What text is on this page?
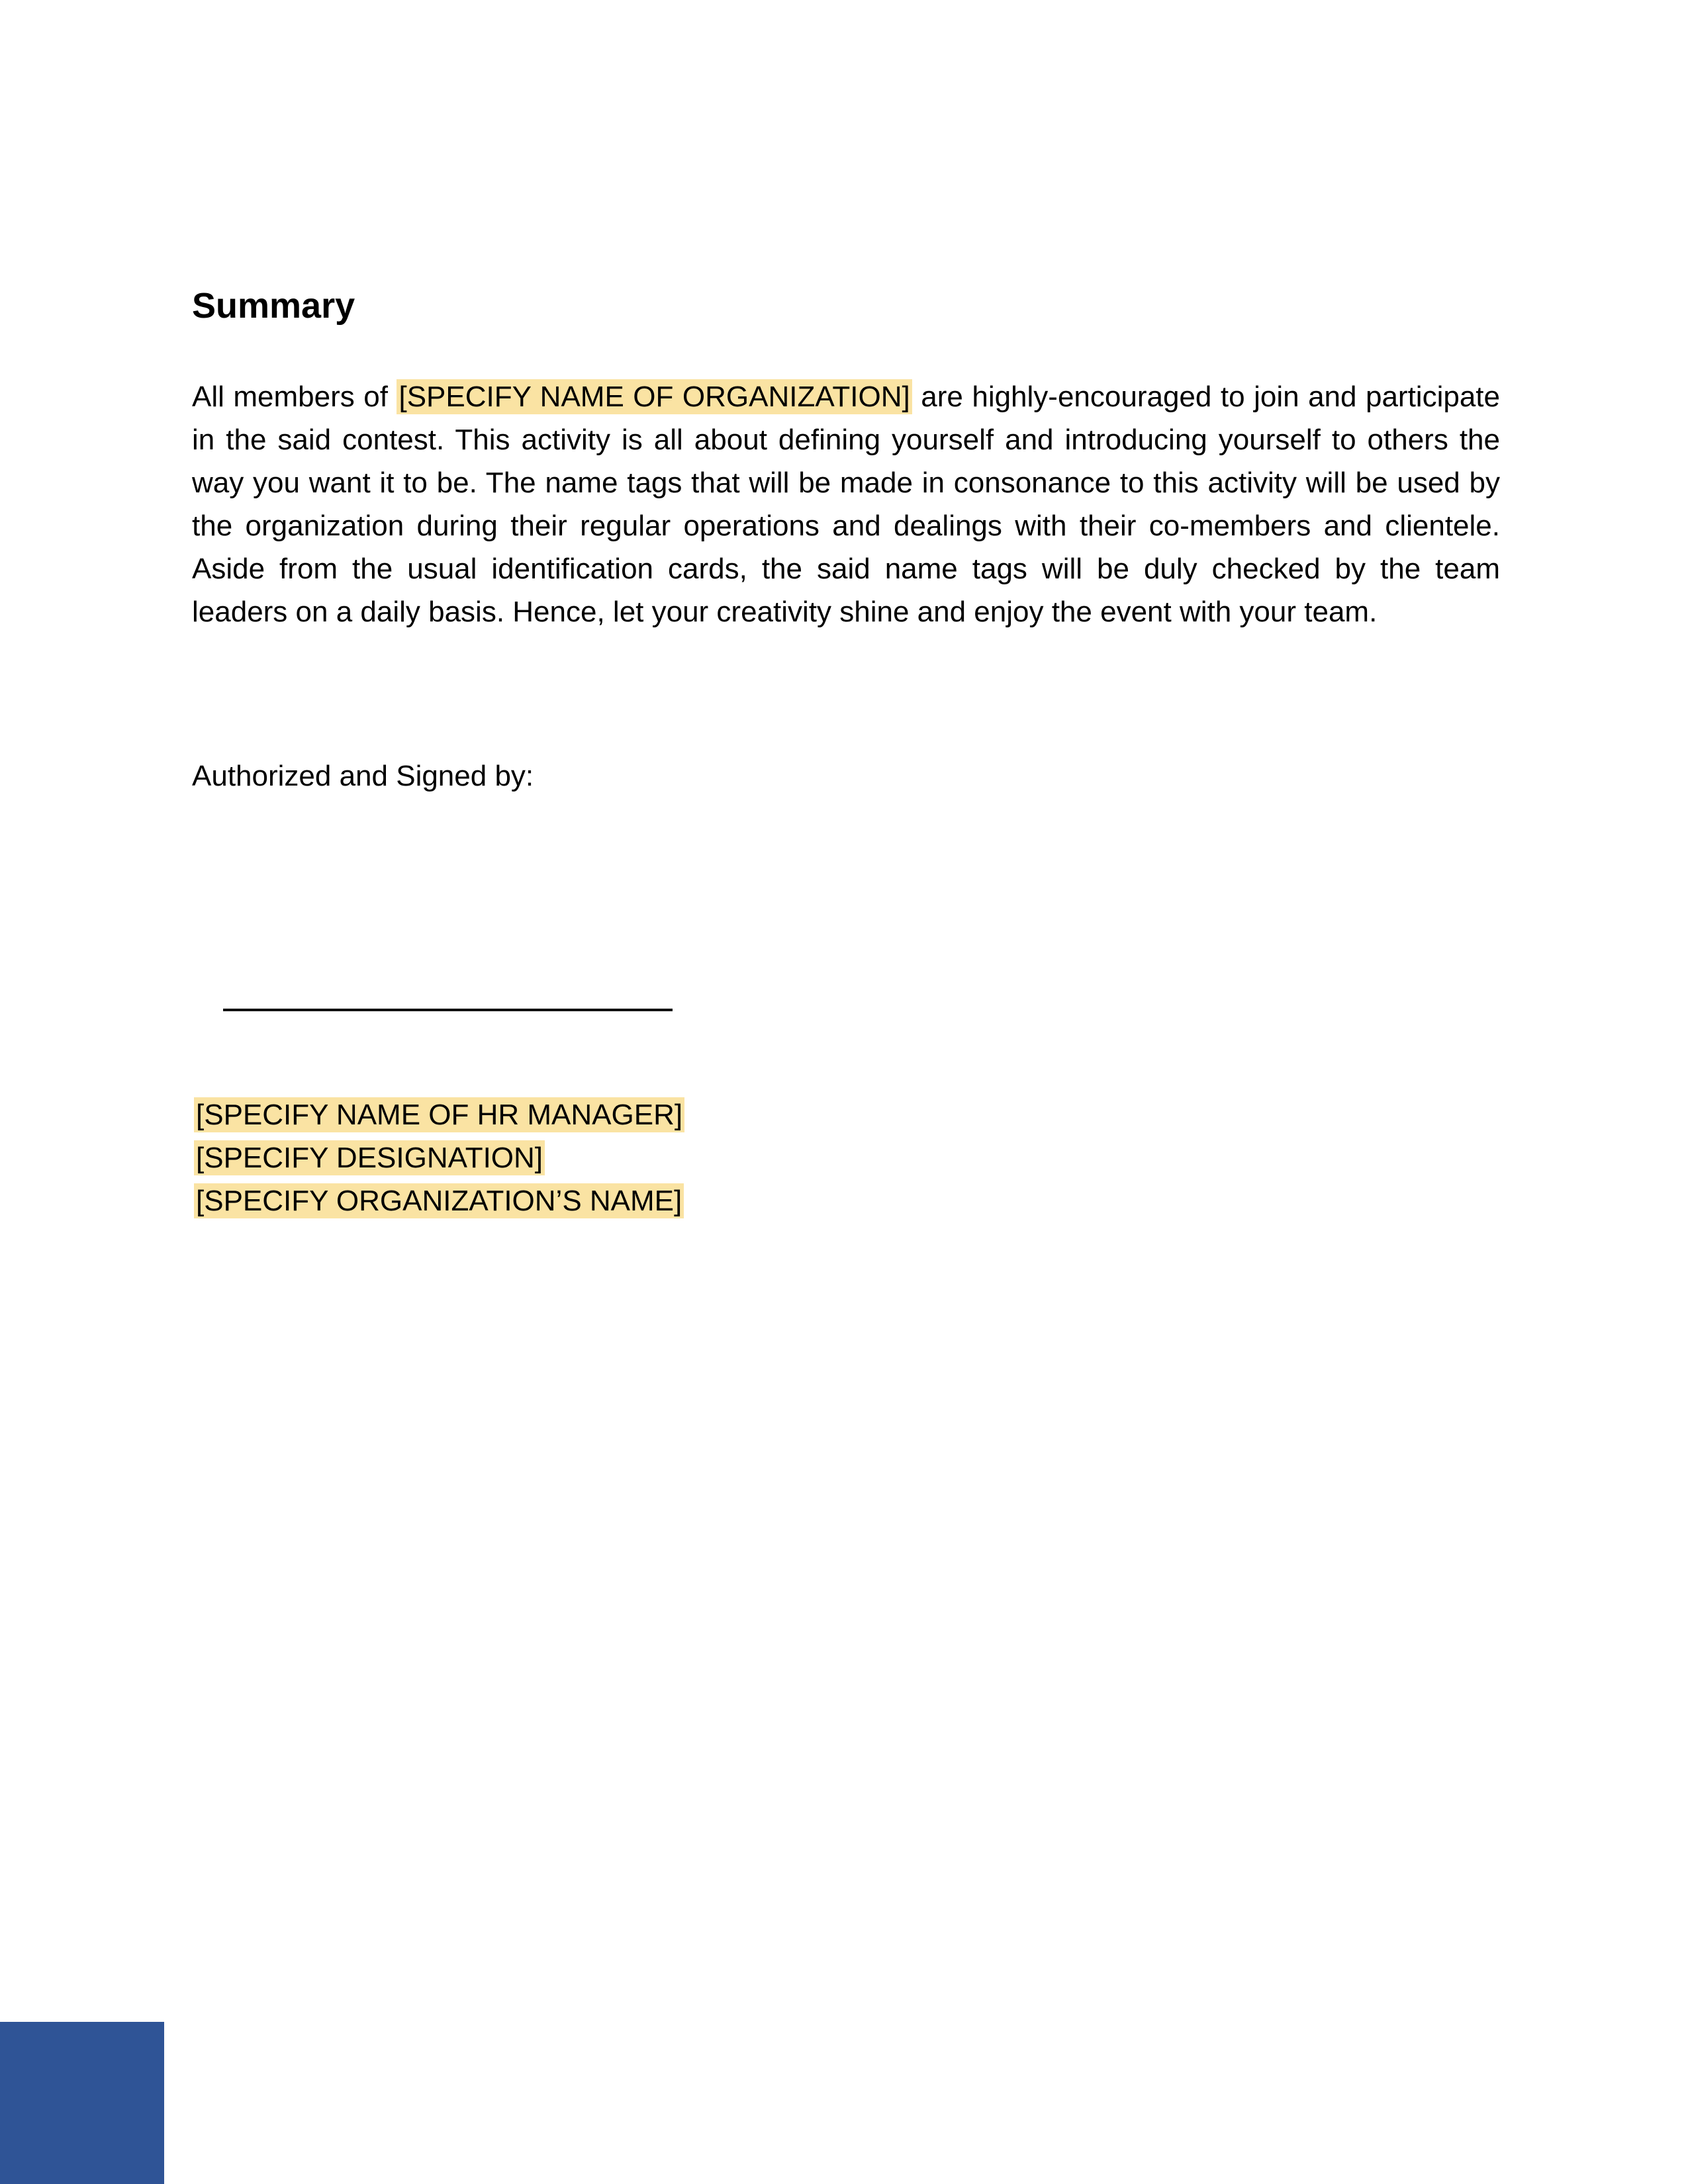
Summary
All members of [SPECIFY NAME OF ORGANIZATION] are highly-encouraged to join and participate in the said contest. This activity is all about defining yourself and introducing yourself to others the way you want it to be. The name tags that will be made in consonance to this activity will be used by the organization during their regular operations and dealings with their co-members and clientele. Aside from the usual identification cards, the said name tags will be duly checked by the team leaders on a daily basis. Hence, let your creativity shine and enjoy the event with your team.
Authorized and Signed by:
[SPECIFY NAME OF HR MANAGER]
[SPECIFY DESIGNATION]
[SPECIFY ORGANIZATION’S NAME]
